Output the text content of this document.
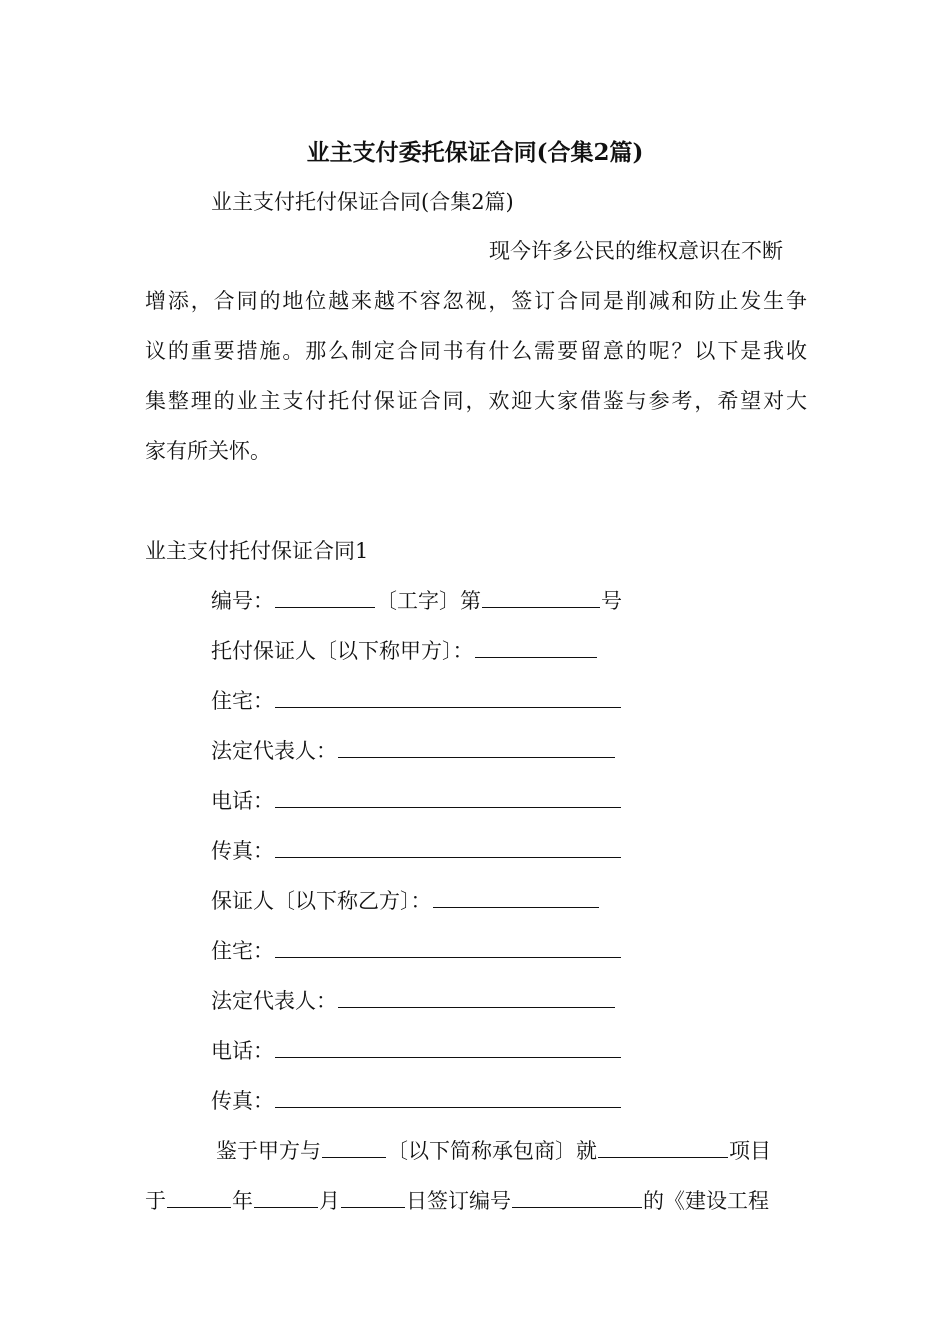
业主支付委托保证合同(合集2篇)
业主支付托付保证合同(合集2篇)
现今许多公民的维权意识在不断
增添，合同的地位越来越不容忽视，签订合同是削减和防止发生争
议的重要措施。那么制定合同书有什么需要留意的呢？以下是我收
集整理的业主支付托付保证合同，欢迎大家借鉴与参考，希望对大
家有所关怀。
业主支付托付保证合同1
编号：	〔工字〕第	号
托付保证人〔以下称甲方〕：
住宅：
法定代表人：
电话：
传真：
保证人〔以下称乙方〕：
住宅：
法定代表人：
电话：
传真：
鉴于甲方与	〔以下简称承包商〕就	项目
于	年	月	日签订编号	的《建设工程
